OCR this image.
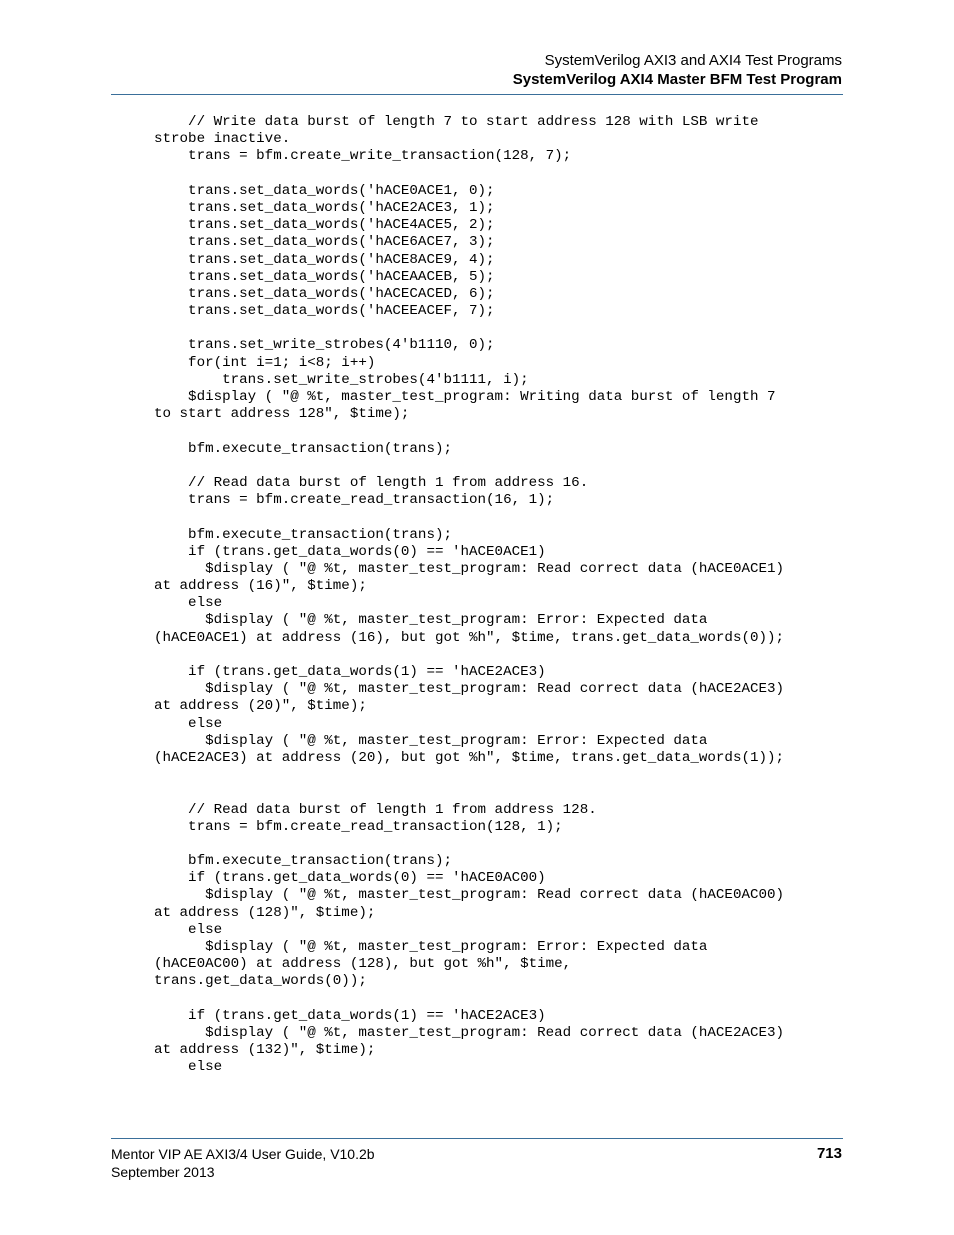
SystemVerilog AXI3 and AXI4 Test Programs
SystemVerilog AXI4 Master BFM Test Program
// Write data burst of length 7 to start address 128 with LSB write
strobe inactive.
trans = bfm.create_write_transaction(128, 7);
trans.set_data_words('hACE0ACE1, 0);
trans.set_data_words('hACE2ACE3, 1);
trans.set_data_words('hACE4ACE5, 2);
trans.set_data_words('hACE6ACE7, 3);
trans.set_data_words('hACE8ACE9, 4);
trans.set_data_words('hACEAACEB, 5);
trans.set_data_words('hACECACED, 6);
trans.set_data_words('hACEEACEF, 7);
trans.set_write_strobes(4'b1110, 0);
for(int i=1; i<8; i++)
trans.set_write_strobes(4'b1111, i);
$display ( "@ %t, master_test_program: Writing data burst of length 7
to start address 128", $time);
bfm.execute_transaction(trans);
// Read data burst of length 1 from address 16.
trans = bfm.create_read_transaction(16, 1);
bfm.execute_transaction(trans);
if (trans.get_data_words(0) == 'hACE0ACE1)
$display ( "@ %t, master_test_program: Read correct data (hACE0ACE1)
at address (16)", $time);
else
$display ( "@ %t, master_test_program: Error: Expected data
(hACE0ACE1) at address (16), but got %h", $time, trans.get_data_words(0));
if (trans.get_data_words(1) == 'hACE2ACE3)
$display ( "@ %t, master_test_program: Read correct data (hACE2ACE3)
at address (20)", $time);
else
$display ( "@ %t, master_test_program: Error: Expected data
(hACE2ACE3) at address (20), but got %h", $time, trans.get_data_words(1));
// Read data burst of length 1 from address 128.
trans = bfm.create_read_transaction(128, 1);
bfm.execute_transaction(trans);
if (trans.get_data_words(0) == 'hACE0AC00)
$display ( "@ %t, master_test_program: Read correct data (hACE0AC00)
at address (128)", $time);
else
$display ( "@ %t, master_test_program: Error: Expected data
(hACE0AC00) at address (128), but got %h", $time,
trans.get_data_words(0));
if (trans.get_data_words(1) == 'hACE2ACE3)
$display ( "@ %t, master_test_program: Read correct data (hACE2ACE3)
at address (132)", $time);
else
Mentor VIP AE AXI3/4 User Guide, V10.2b
September 2013
713
